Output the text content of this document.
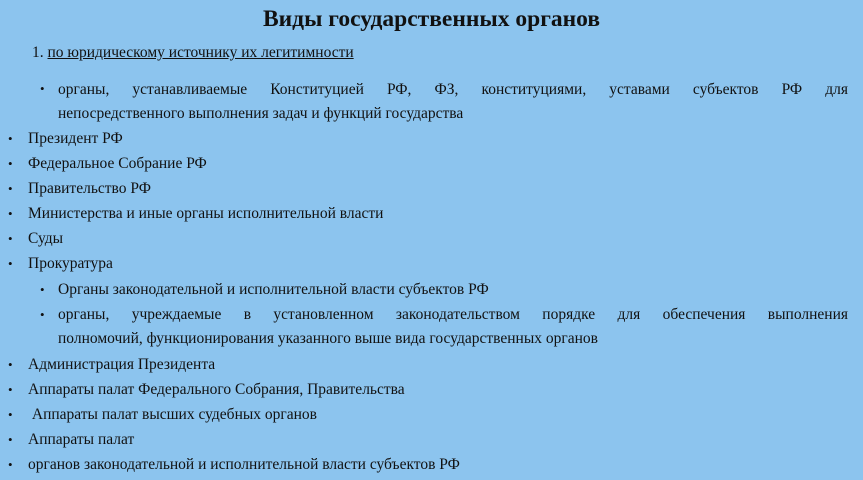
Виды государственных органов
1. по юридическому источнику их легитимности
• органы, устанавливаемые Конституцией РФ, ФЗ, конституциями, уставами субъектов РФ для
непосредственного выполнения задач и функций государства
• Президент РФ
• Федеральное Собрание РФ
• Правительство РФ
• Министерства и иные органы исполнительной власти
• Суды
• Прокуратура
• Органы законодательной и исполнительной власти субъектов РФ
• органы, учреждаемые в установленном законодательством порядке для обеспечения выполнения
полномочий, функционирования указанного выше вида государственных органов
• Администрация Президента
• Аппараты палат Федерального Собрания, Правительства
• Аппараты палат высших судебных органов
• Аппараты палат
• органов законодательной и исполнительной власти субъектов РФ
